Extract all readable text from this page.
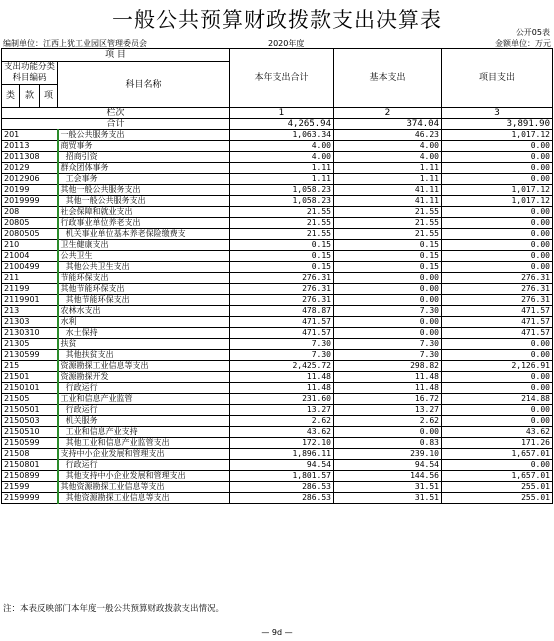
一般公共预算财政拨款支出决算表
公开05表
编制单位：江西上犹工业园区管理委员会	2020年度	金额单位：万元
项 目				本年支出合计	基本支出	项目支出
支出功能分类科目编码			科目名称			

类	款	项				
栏次				1	2	3
合计				4,265.94	374.04	3,891.90
201			一般公共服务支出	1,063.34	46.23	1,017.12
20113			商贸事务	4.00	4.00	0.00
2011308			招商引资	4.00	4.00	0.00
20129			群众团体事务	1.11	1.11	0.00
2012906			工会事务	1.11	1.11	0.00
20199			其他一般公共服务支出	1,058.23	41.11	1,017.12
2019999			其他一般公共服务支出	1,058.23	41.11	1,017.12
208			社会保障和就业支出	21.55	21.55	0.00
20805			行政事业单位养老支出	21.55	21.55	0.00
2080505			机关事业单位基本养老保险缴费支	21.55	21.55	0.00
210			卫生健康支出	0.15	0.15	0.00
21004			公共卫生	0.15	0.15	0.00
2100499			其他公共卫生支出	0.15	0.15	0.00
211			节能环保支出	276.31	0.00	276.31
21199			其他节能环保支出	276.31	0.00	276.31
2119901			其他节能环保支出	276.31	0.00	276.31
213			农林水支出	478.87	7.30	471.57
21303			水利	471.57	0.00	471.57
2130310			水土保持	471.57	0.00	471.57
21305			扶贫	7.30	7.30	0.00
2130599			其他扶贫支出	7.30	7.30	0.00
215			资源勘探工业信息等支出	2,425.72	298.82	2,126.91
21501			资源勘探开发	11.48	11.48	0.00
2150101			行政运行	11.48	11.48	0.00
21505			工业和信息产业监管	231.60	16.72	214.88
2150501			行政运行	13.27	13.27	0.00
2150503			机关服务	2.62	2.62	0.00
2150510			工业和信息产业支持	43.62	0.00	43.62
2150599			其他工业和信息产业监管支出	172.10	0.83	171.26
21508			支持中小企业发展和管理支出	1,896.11	239.10	1,657.01
2150801			行政运行	94.54	94.54	0.00
2150899			其他支持中小企业发展和管理支出	1,801.57	144.56	1,657.01
21599			其他资源勘探工业信息等支出	286.53	31.51	255.01
2159999			其他资源勘探工业信息等支出	286.53	31.51	255.01
注：本表反映部门本年度一般公共预算财政拨款支出情况。
— 9d —
